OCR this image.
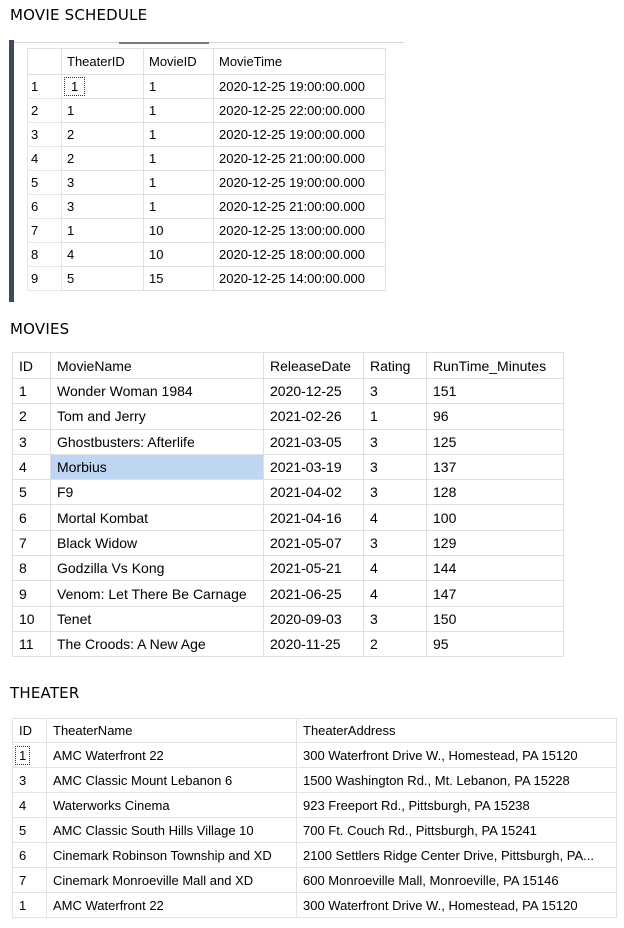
MOVIE SCHEDULE
	TheaterID	MovieID	MovieTime
1	1	1	2020-12-25 19:00:00.000
2	1	1	2020-12-25 22:00:00.000
3	2	1	2020-12-25 19:00:00.000
4	2	1	2020-12-25 21:00:00.000
5	3	1	2020-12-25 19:00:00.000
6	3	1	2020-12-25 21:00:00.000
7	1	10	2020-12-25 13:00:00.000
8	4	10	2020-12-25 18:00:00.000
9	5	15	2020-12-25 14:00:00.000
MOVIES
ID	MovieName	ReleaseDate	Rating	RunTime_Minutes
1	Wonder Woman 1984	2020-12-25	3	151
2	Tom and Jerry	2021-02-26	1	96
3	Ghostbusters: Afterlife	2021-03-05	3	125
4	Morbius	2021-03-19	3	137
5	F9	2021-04-02	3	128
6	Mortal Kombat	2021-04-16	4	100
7	Black Widow	2021-05-07	3	129
8	Godzilla Vs Kong	2021-05-21	4	144
9	Venom: Let There Be Carnage	2021-06-25	4	147
10	Tenet	2020-09-03	3	150
11	The Croods: A New Age	2020-11-25	2	95
THEATER
ID	TheaterName	TheaterAddress
1	AMC Waterfront 22	300 Waterfront Drive W., Homestead, PA 15120
3	AMC Classic Mount Lebanon 6	1500 Washington Rd., Mt. Lebanon, PA 15228
4	Waterworks Cinema	923 Freeport Rd., Pittsburgh, PA 15238
5	AMC Classic South Hills Village 10	700 Ft. Couch Rd., Pittsburgh, PA 15241
6	Cinemark Robinson Township and XD	2100 Settlers Ridge Center Drive, Pittsburgh, PA...
7	Cinemark Monroeville Mall and XD	600 Monroeville Mall, Monroeville, PA 15146
1	AMC Waterfront 22	300 Waterfront Drive W., Homestead, PA 15120
